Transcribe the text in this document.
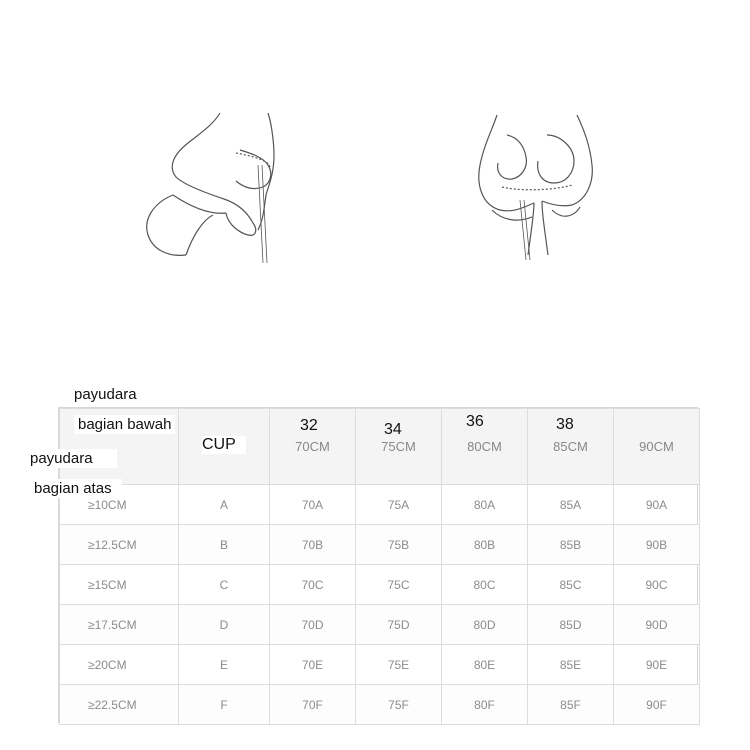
		70CM	75CM	80CM	85CM	90CM
≥10CM	A	70A	75A	80A	85A	90A
≥12.5CM	B	70B	75B	80B	85B	90B
≥15CM	C	70C	75C	80C	85C	90C
≥17.5CM	D	70D	75D	80D	85D	90D
≥20CM	E	70E	75E	80E	85E	90E
≥22.5CM	F	70F	75F	80F	85F	90F
payudara
bagian bawah
payudara
bagian atas
CUP
32	34	36	38
